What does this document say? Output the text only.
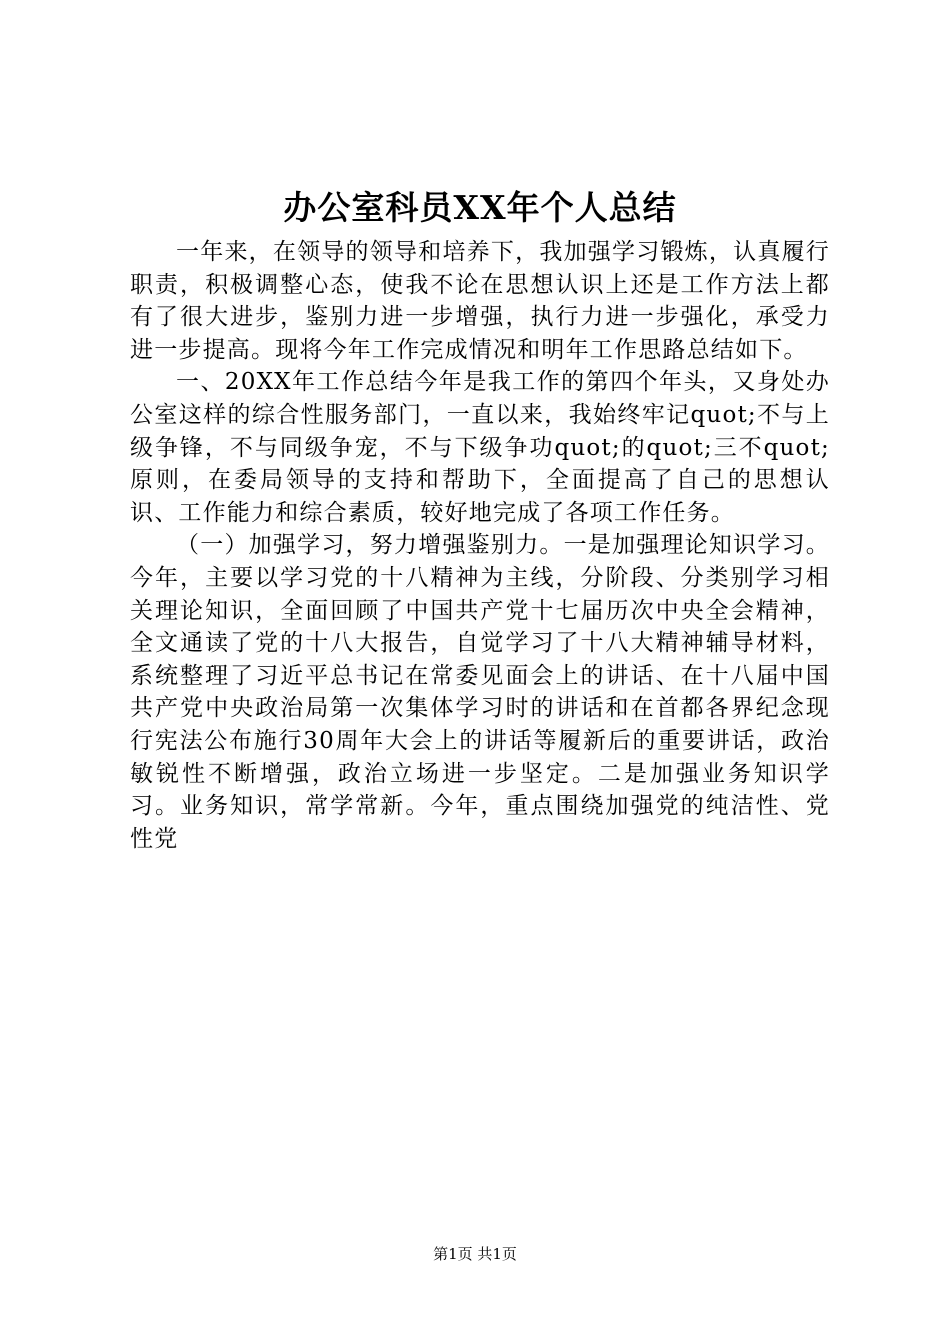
办公室科员XX年个人总结

一年来，在领导的领导和培养下，我加强学习锻炼，认真履行职责，积极调整心态，使我不论在思想认识上还是工作方法上都有了很大进步，鉴别力进一步增强，执行力进一步强化，承受力进一步提高。现将今年工作完成情况和明年工作思路总结如下。

一、20XX年工作总结今年是我工作的第四个年头，又身处办公室这样的综合性服务部门，一直以来，我始终牢记quot;不与上级争锋，不与同级争宠，不与下级争功quot;的quot;三不quot;原则，在委局领导的支持和帮助下，全面提高了自己的思想认识、工作能力和综合素质，较好地完成了各项工作任务。

（一）加强学习，努力增强鉴别力。一是加强理论知识学习。今年，主要以学习党的十八精神为主线，分阶段、分类别学习相关理论知识，全面回顾了中国共产党十七届历次中央全会精神，全文通读了党的十八大报告，自觉学习了十八大精神辅导材料，系统整理了习近平总书记在常委见面会上的讲话、在十八届中国共产党中央政治局第一次集体学习时的讲话和在首都各界纪念现行宪法公布施行30周年大会上的讲话等履新后的重要讲话，政治敏锐性不断增强，政治立场进一步坚定。二是加强业务知识学习。业务知识，常学常新。今年，重点围绕加强党的纯洁性、党性党

第1页 共1页
